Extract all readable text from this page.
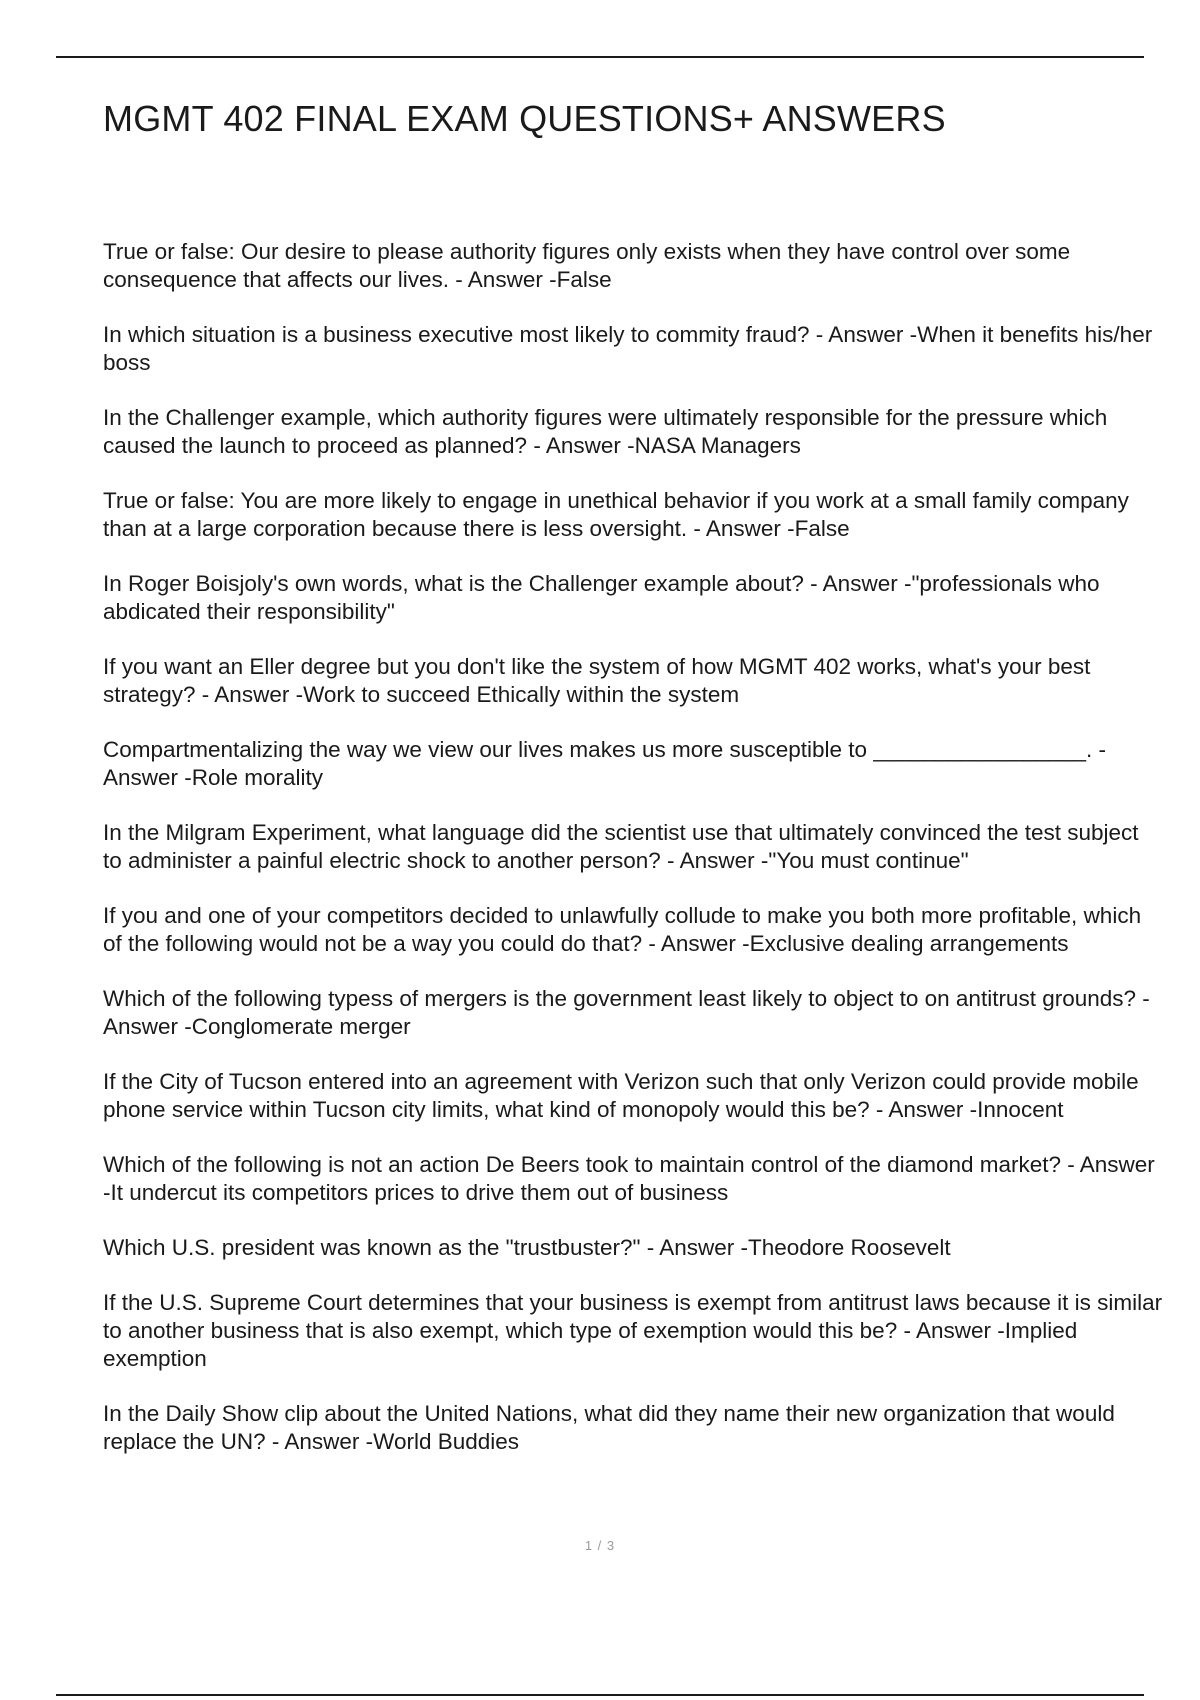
MGMT 402 FINAL EXAM QUESTIONS+ ANSWERS
True or false: Our desire to please authority figures only exists when they have control over some consequence that affects our lives. - Answer -False
In which situation is a business executive most likely to commity fraud? - Answer -When it benefits his/her boss
In the Challenger example, which authority figures were ultimately responsible for the pressure which caused the launch to proceed as planned? - Answer -NASA Managers
True or false: You are more likely to engage in unethical behavior if you work at a small family company than at a large corporation because there is less oversight. - Answer -False
In Roger Boisjoly's own words, what is the Challenger example about? - Answer -"professionals who abdicated their responsibility"
If you want an Eller degree but you don't like the system of how MGMT 402 works, what's your best strategy? - Answer -Work to succeed Ethically within the system
Compartmentalizing the way we view our lives makes us more susceptible to _________________. - Answer -Role morality
In the Milgram Experiment, what language did the scientist use that ultimately convinced the test subject to administer a painful electric shock to another person? - Answer -"You must continue"
If you and one of your competitors decided to unlawfully collude to make you both more profitable, which of the following would not be a way you could do that? - Answer -Exclusive dealing arrangements
Which of the following typess of mergers is the government least likely to object to on antitrust grounds? - Answer -Conglomerate merger
If the City of Tucson entered into an agreement with Verizon such that only Verizon could provide mobile phone service within Tucson city limits, what kind of monopoly would this be? - Answer -Innocent
Which of the following is not an action De Beers took to maintain control of the diamond market? - Answer -It undercut its competitors prices to drive them out of business
Which U.S. president was known as the "trustbuster?" - Answer -Theodore Roosevelt
If the U.S. Supreme Court determines that your business is exempt from antitrust laws because it is similar to another business that is also exempt, which type of exemption would this be? - Answer -Implied exemption
In the Daily Show clip about the United Nations, what did they name their new organization that would replace the UN? - Answer -World Buddies
1 / 3
